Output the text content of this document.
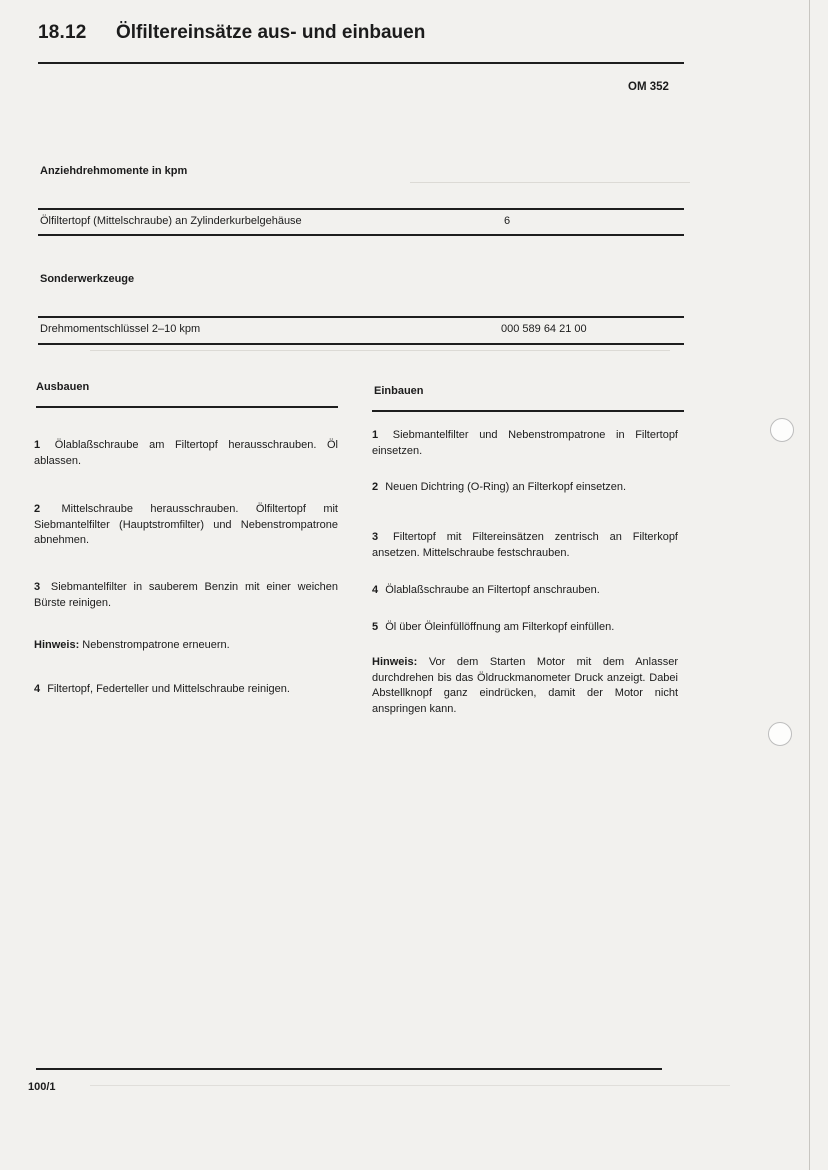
18.12 Ölfiltereinsätze aus- und einbauen
OM 352
Anziehdrehmomente in kpm
Ölfiltertopf (Mittelschraube) an Zylinderkurbelgehäuse	6
Sonderwerkzeuge
Drehmomentschlüssel 2–10 kpm	000 589 64 21 00
Ausbauen

1 Ölablaßschraube am Filtertopf herausschrauben. Öl ablassen.

2 Mittelschraube herausschrauben. Ölfiltertopf mit Siebmantelfilter (Hauptstromfilter) und Nebenstrompatrone abnehmen.

3 Siebmantelfilter in sauberem Benzin mit einer weichen Bürste reinigen.

Hinweis: Nebenstrompatrone erneuern.

4 Filtertopf, Federteller und Mittelschraube reinigen.

Einbauen

1 Siebmantelfilter und Nebenstrompatrone in Filtertopf einsetzen.

2 Neuen Dichtring (O-Ring) an Filterkopf einsetzen.

3 Filtertopf mit Filtereinsätzen zentrisch an Filterkopf ansetzen. Mittelschraube festschrauben.

4 Ölablaßschraube an Filtertopf anschrauben.

5 Öl über Öleinfüllöffnung am Filterkopf einfüllen.

Hinweis: Vor dem Starten Motor mit dem Anlasser durchdrehen bis das Öldruckmanometer Druck anzeigt. Dabei Abstellknopf ganz eindrücken, damit der Motor nicht anspringen kann.

100/1
